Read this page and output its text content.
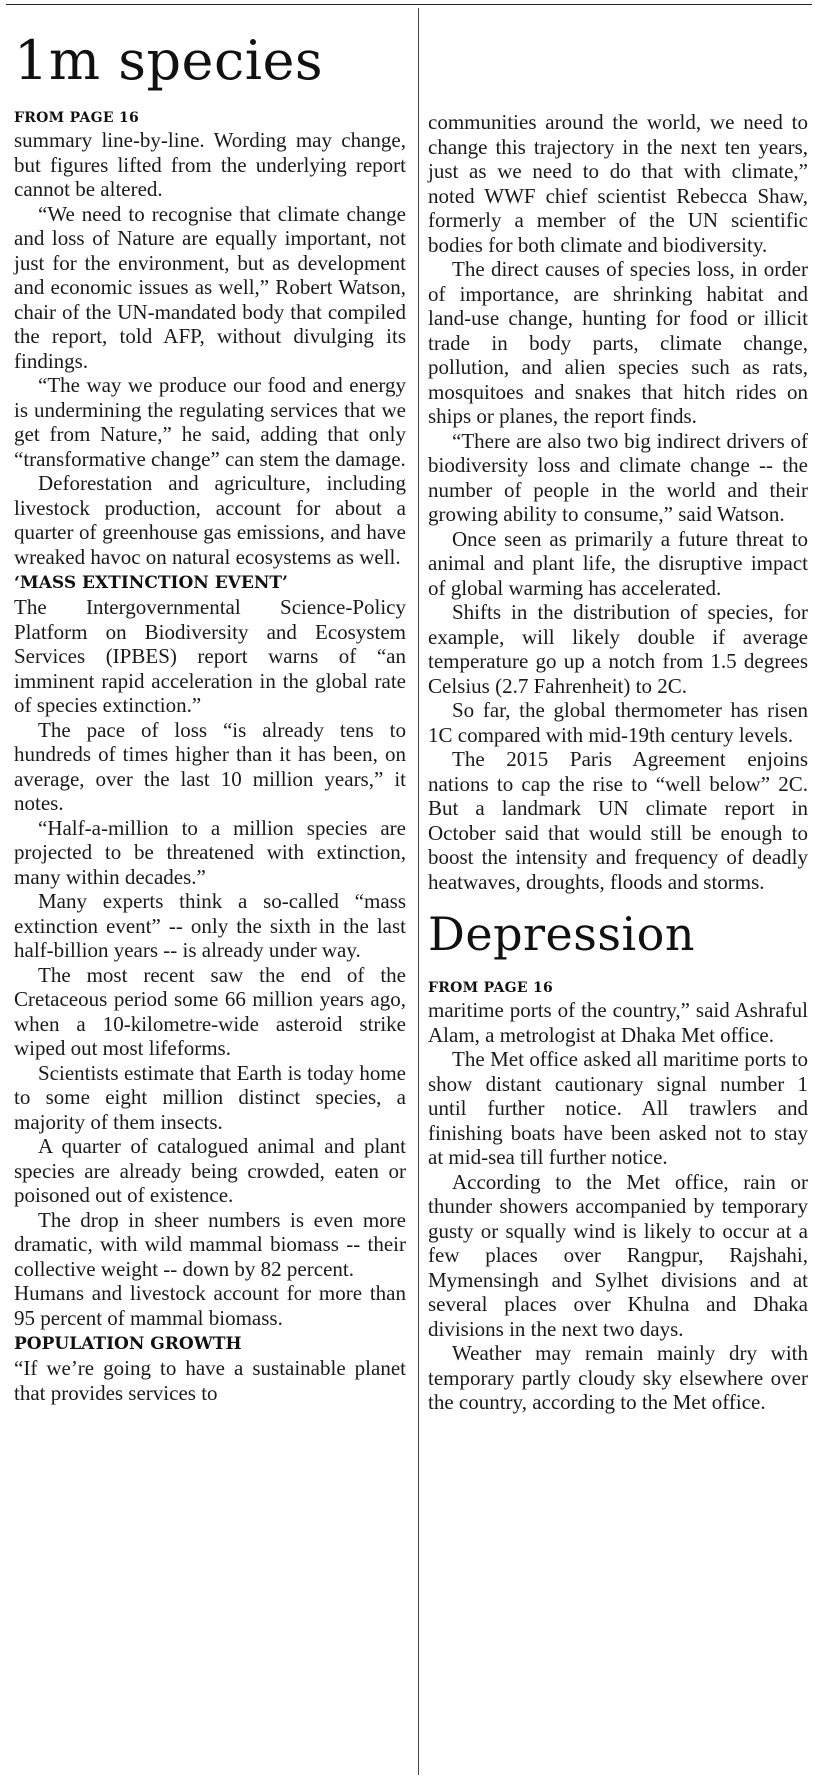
1m species
FROM PAGE 16

summary line-by-line. Wording may change, but figures lifted from the underlying report cannot be altered.

“We need to recognise that climate change and loss of Nature are equally important, not just for the environment, but as development and economic issues as well,” Robert Watson, chair of the UN-mandated body that compiled the report, told AFP, without divulging its findings.

“The way we produce our food and energy is undermining the regulating services that we get from Nature,” he said, adding that only “transformative change” can stem the damage.

Deforestation and agriculture, including livestock production, account for about a quarter of greenhouse gas emissions, and have wreaked havoc on natural ecosystems as well.

‘MASS EXTINCTION EVENT’

The Intergovernmental Science-Policy Platform on Biodiversity and Ecosystem Services (IPBES) report warns of “an imminent rapid acceleration in the global rate of species extinction.”

The pace of loss “is already tens to hundreds of times higher than it has been, on average, over the last 10 million years,” it notes.

“Half-a-million to a million species are projected to be threatened with extinction, many within decades.”

Many experts think a so-called “mass extinction event” -- only the sixth in the last half-billion years -- is already under way.

The most recent saw the end of the Cretaceous period some 66 million years ago, when a 10-kilometre-wide asteroid strike wiped out most lifeforms.

Scientists estimate that Earth is today home to some eight million distinct species, a majority of them insects.

A quarter of catalogued animal and plant species are already being crowded, eaten or poisoned out of existence.

The drop in sheer numbers is even more dramatic, with wild mammal biomass -- their collective weight -- down by 82 percent.

Humans and livestock account for more than 95 percent of mammal biomass.

POPULATION GROWTH

“If we’re going to have a sustainable planet that provides services to

communities around the world, we need to change this trajectory in the next ten years, just as we need to do that with climate,” noted WWF chief scientist Rebecca Shaw, formerly a member of the UN scientific bodies for both climate and biodiversity.

The direct causes of species loss, in order of importance, are shrinking habitat and land-use change, hunting for food or illicit trade in body parts, climate change, pollution, and alien species such as rats, mosquitoes and snakes that hitch rides on ships or planes, the report finds.

“There are also two big indirect drivers of biodiversity loss and climate change -- the number of people in the world and their growing ability to consume,” said Watson.

Once seen as primarily a future threat to animal and plant life, the disruptive impact of global warming has accelerated.

Shifts in the distribution of species, for example, will likely double if average temperature go up a notch from 1.5 degrees Celsius (2.7 Fahrenheit) to 2C.

So far, the global thermometer has risen 1C compared with mid-19th century levels.

The 2015 Paris Agreement enjoins nations to cap the rise to “well below” 2C. But a landmark UN climate report in October said that would still be enough to boost the intensity and frequency of deadly heatwaves, droughts, floods and storms.

Depression
FROM PAGE 16

maritime ports of the country,” said Ashraful Alam, a metrologist at Dhaka Met office.

The Met office asked all maritime ports to show distant cautionary signal number 1 until further notice. All trawlers and finishing boats have been asked not to stay at mid-sea till further notice.

According to the Met office, rain or thunder showers accompanied by temporary gusty or squally wind is likely to occur at a few places over Rangpur, Rajshahi, Mymensingh and Sylhet divisions and at several places over Khulna and Dhaka divisions in the next two days.

Weather may remain mainly dry with temporary partly cloudy sky elsewhere over the country, according to the Met office.
